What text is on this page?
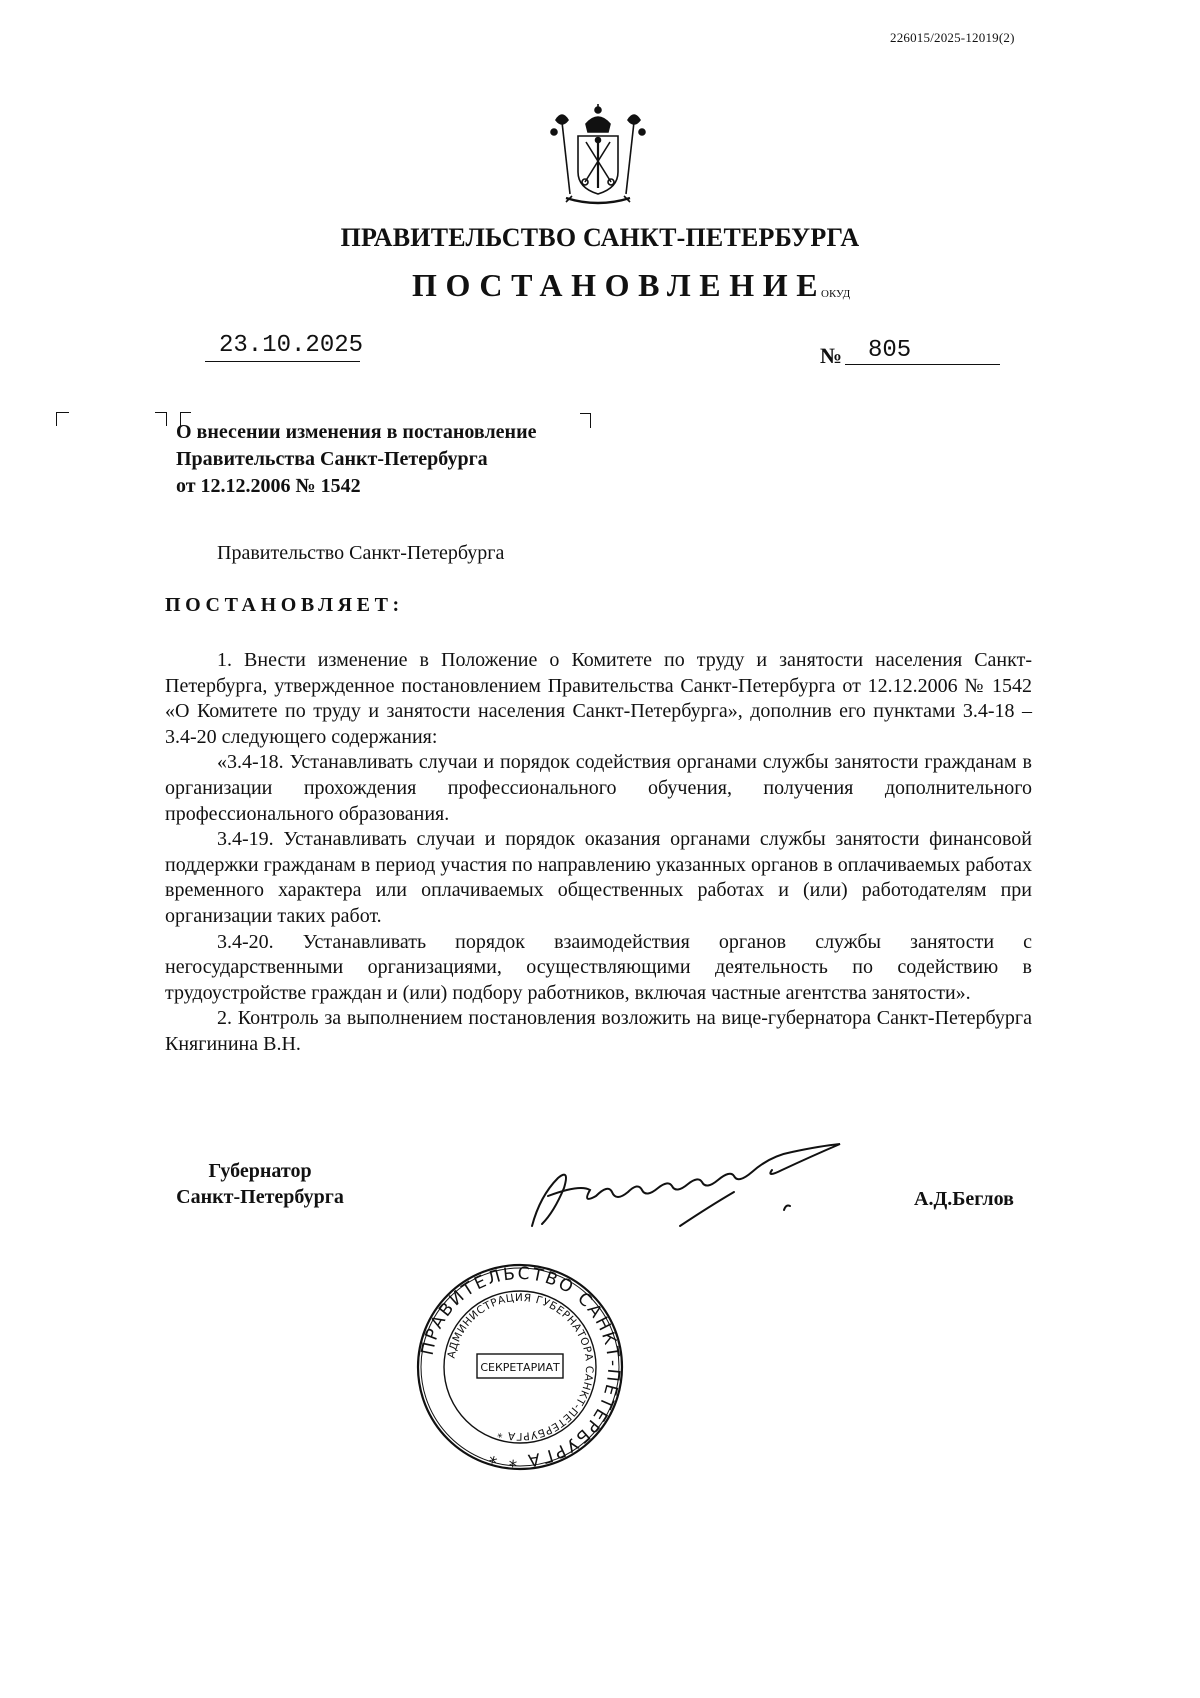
226015/2025-12019(2)
ПРАВИТЕЛЬСТВО САНКТ-ПЕТЕРБУРГА
ПОСТАНОВЛЕНИЕ
ОКУД
23.10.2025	№	805
О внесении изменения в постановление
Правительства Санкт-Петербурга
от 12.12.2006 № 1542
Правительство Санкт-Петербурга
ПОСТАНОВЛЯЕТ:

1. Внести изменение в Положение о Комитете по труду и занятости населения Санкт-Петербурга, утвержденное постановлением Правительства Санкт-Петербурга от 12.12.2006 № 1542 «О Комитете по труду и занятости населения Санкт-Петербурга», дополнив его пунктами 3.4-18 – 3.4-20 следующего содержания:

«3.4-18. Устанавливать случаи и порядок содействия органами службы занятости гражданам в организации прохождения профессионального обучения, получения дополнительного профессионального образования.

3.4-19. Устанавливать случаи и порядок оказания органами службы занятости финансовой поддержки гражданам в период участия по направлению указанных органов в оплачиваемых работах временного характера или оплачиваемых общественных работах и (или) работодателям при организации таких работ.

3.4-20. Устанавливать порядок взаимодействия органов службы занятости с негосударственными организациями, осуществляющими деятельность по содействию в трудоустройстве граждан и (или) подбору работников, включая частные агентства занятости».

2. Контроль за выполнением постановления возложить на вице-губернатора Санкт-Петербурга Княгинина В.Н.

Губернатор
Санкт-Петербурга	А.Д.Беглов
ПРАВИТЕЛЬСТВО САНКТ-ПЕТЕРБУРГА * *
АДМИНИСТРАЦИЯ ГУБЕРНАТОРА САНКТ-ПЕТЕРБУРГА *
СЕКРЕТАРИАТ
